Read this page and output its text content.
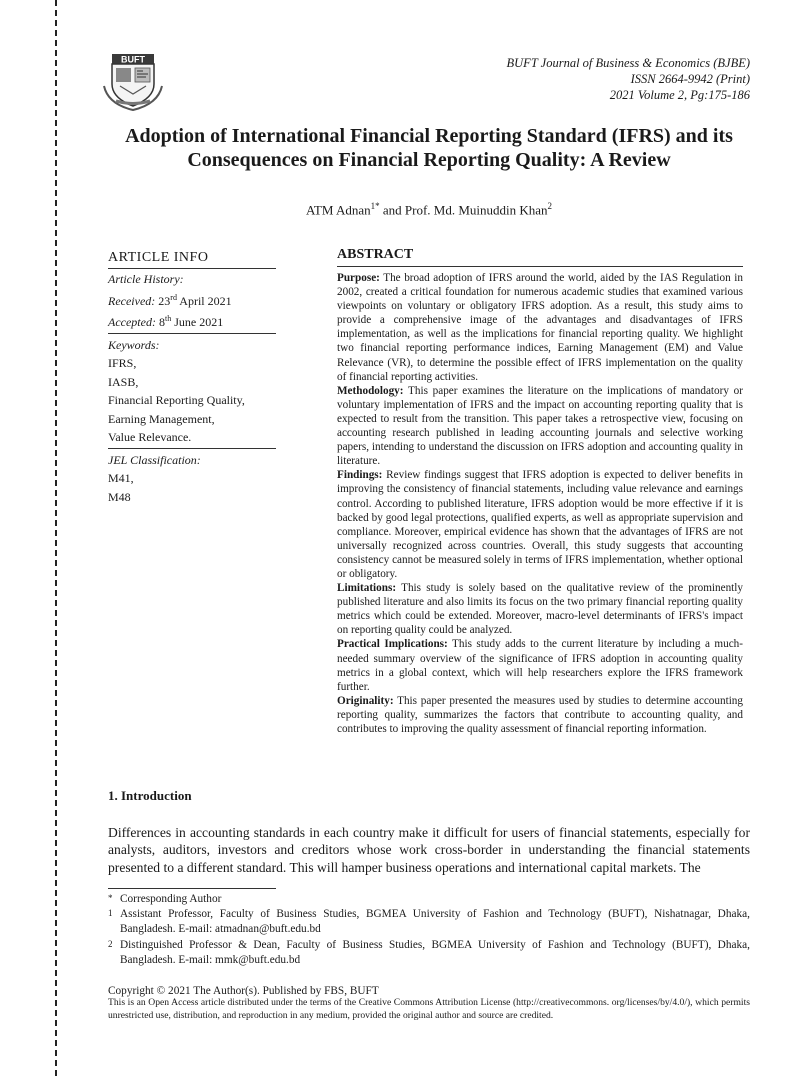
BUFT	BUFT Journal of Business & Economics (BJBE)
ISSN 2664-9942 (Print)
2021 Volume 2, Pg:175-186
Adoption of International Financial Reporting Standard (IFRS) and its Consequences on Financial Reporting Quality: A Review
ATM Adnan$^{1*}$ and Prof. Md. Muinuddin Khan$^2$
ARTICLE INFO
Article History:
Received: 23rd April 2021
Accepted: 8th June 2021
Keywords:
IFRS,
IASB,
Financial Reporting Quality,
Earning Management,
Value Relevance.
JEL Classification:
M41,
M48
ABSTRACT

Purpose: The broad adoption of IFRS around the world, aided by the IAS Regulation in 2002, created a critical foundation for numerous academic studies that examined various viewpoints on voluntary or obligatory IFRS adoption. As a result, this study aims to provide a comprehensive image of the advantages and disadvantages of IFRS implementation, as well as the implications for financial reporting quality. We highlight two financial reporting performance indices, Earning Management (EM) and Value Relevance (VR), to determine the possible effect of IFRS implementation on the quality of financial reporting activities.

Methodology: This paper examines the literature on the implications of mandatory or voluntary implementation of IFRS and the impact on accounting reporting quality that is expected to result from the transition. This paper takes a retrospective view, focusing on accounting research published in leading accounting journals and selective working papers, intending to understand the discussion on IFRS adoption and accounting quality in literature.

Findings: Review findings suggest that IFRS adoption is expected to deliver benefits in improving the consistency of financial statements, including value relevance and earnings control. According to published literature, IFRS adoption would be more effective if it is backed by good legal protections, qualified experts, as well as appropriate supervision and compliance. Moreover, empirical evidence has shown that the advantages of IFRS are not universally recognized across countries. Overall, this study suggests that accounting consistency cannot be measured solely in terms of IFRS implementation, whether optional or obligatory.

Limitations: This study is solely based on the qualitative review of the prominently published literature and also limits its focus on the two primary financial reporting quality metrics which could be extended. Moreover, macro-level determinants of IFRS's impact on reporting quality could be analyzed.

Practical Implications: This study adds to the current literature by including a much-needed summary overview of the significance of IFRS adoption in accounting quality metrics in a global context, which will help researchers explore the IFRS framework further.

Originality: This paper presented the measures used by studies to determine accounting reporting quality, summarizes the factors that contribute to accounting quality, and contributes to improving the quality assessment of financial reporting information.

1. Introduction
Differences in accounting standards in each country make it difficult for users of financial statements, especially for analysts, auditors, investors and creditors whose work cross-border in understanding the financial statements presented to a different standard. This will hamper business operations and international capital markets. The
* Corresponding Author
1 Assistant Professor, Faculty of Business Studies, BGMEA University of Fashion and Technology (BUFT), Nishatnagar, Dhaka, Bangladesh. E-mail: atmadnan@buft.edu.bd
2 Distinguished Professor & Dean, Faculty of Business Studies, BGMEA University of Fashion and Technology (BUFT), Dhaka, Bangladesh. E-mail: mmk@buft.edu.bd
Copyright © 2021 The Author(s). Published by FBS, BUFT
This is an Open Access article distributed under the terms of the Creative Commons Attribution License (http://creativecommons. org/licenses/by/4.0/), which permits unrestricted use, distribution, and reproduction in any medium, provided the original author and source are credited.
